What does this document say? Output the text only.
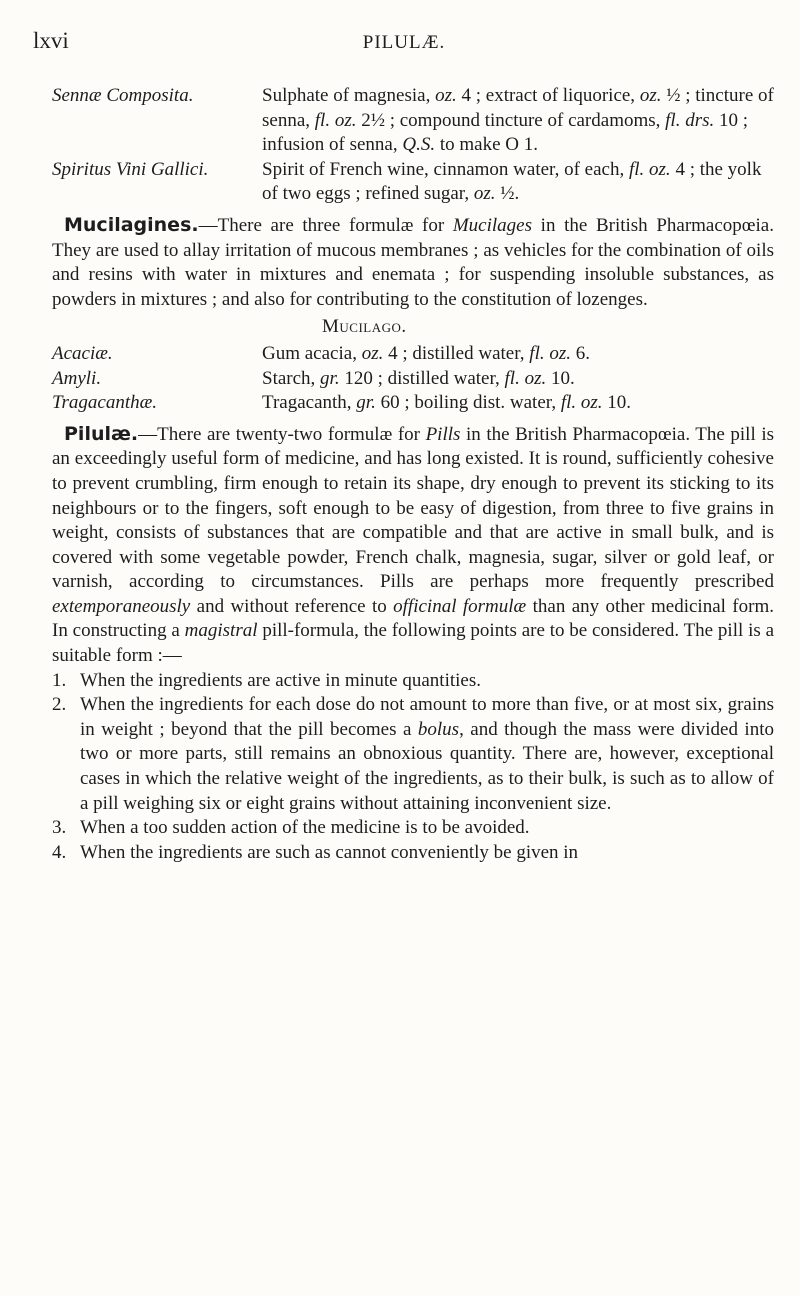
lxvi	PILULÆ.
Sennæ Composita.	Sulphate of magnesia, oz. 4 ; extract of liquorice, oz. ½ ; tincture of senna, fl. oz. 2½ ; compound tincture of cardamoms, fl. drs. 10 ; infusion of senna, Q.S. to make O 1.
Spiritus Vini Gallici.	Spirit of French wine, cinnamon water, of each, fl. oz. 4 ; the yolk of two eggs ; refined sugar, oz. ½.

Mucilagines.—There are three formulæ for Mucilages in the British Pharmacopœia. They are used to allay irritation of mucous membranes ; as vehicles for the combination of oils and resins with water in mixtures and enemata ; for suspending insoluble substances, as powders in mixtures ; and also for contributing to the constitution of lozenges.

Mucilago.
Acaciæ.	Gum acacia, oz. 4 ; distilled water, fl. oz. 6.
Amyli.	Starch, gr. 120 ; distilled water, fl. oz. 10.
Tragacanthæ.	Tragacanth, gr. 60 ; boiling dist. water, fl. oz. 10.

Pilulæ.—There are twenty-two formulæ for Pills in the British Pharmacopœia. The pill is an exceedingly useful form of medicine, and has long existed. It is round, sufficiently cohesive to prevent crumbling, firm enough to retain its shape, dry enough to prevent its sticking to its neighbours or to the fingers, soft enough to be easy of digestion, from three to five grains in weight, consists of substances that are compatible and that are active in small bulk, and is covered with some vegetable powder, French chalk, magnesia, sugar, silver or gold leaf, or varnish, according to circumstances. Pills are perhaps more frequently prescribed extemporaneously and without reference to officinal formulæ than any other medicinal form. In constructing a magistral pill-formula, the following points are to be considered. The pill is a suitable form :—

1. When the ingredients are active in minute quantities.
2. When the ingredients for each dose do not amount to more than five, or at most six, grains in weight ; beyond that the pill becomes a bolus, and though the mass were divided into two or more parts, still remains an obnoxious quantity. There are, however, exceptional cases in which the relative weight of the ingredients, as to their bulk, is such as to allow of a pill weighing six or eight grains without attaining inconvenient size.
3. When a too sudden action of the medicine is to be avoided.
4. When the ingredients are such as cannot conveniently be given in
